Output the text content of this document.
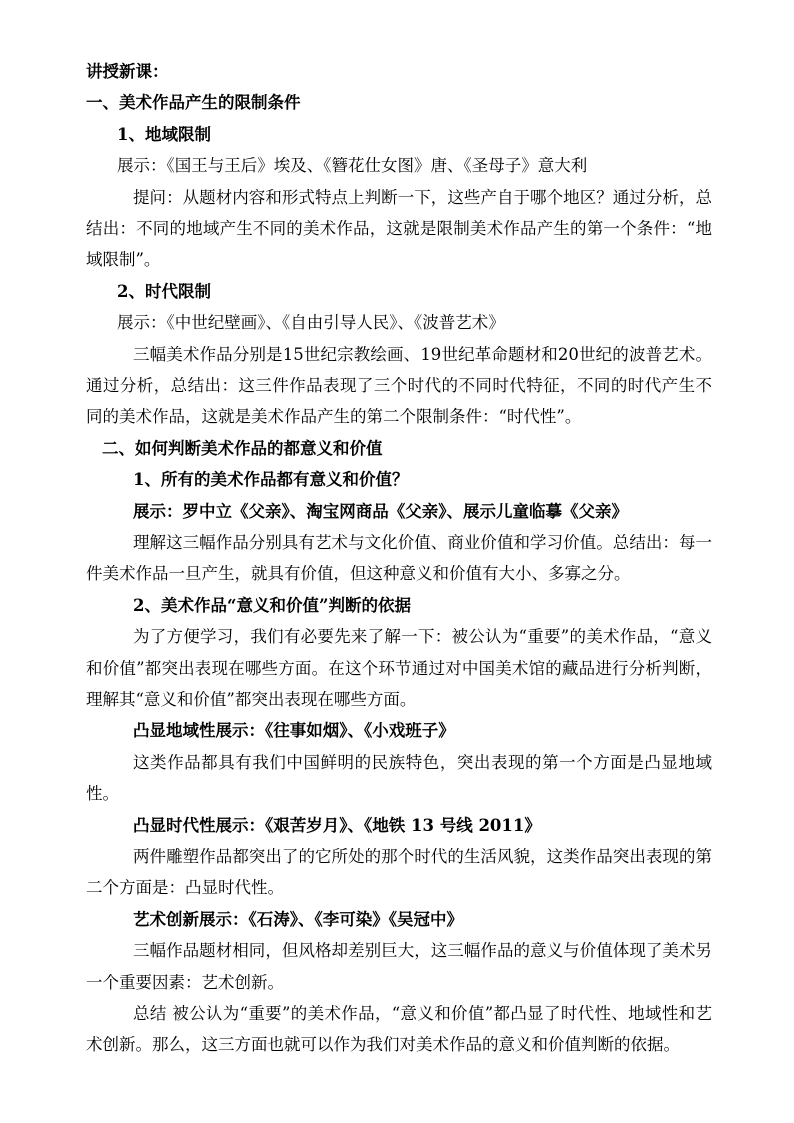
讲授新课：
一、美术作品产生的限制条件
1、地域限制
展示：《国王与王后》埃及、《簪花仕女图》唐、《圣母子》意大利
提问：从题材内容和形式特点上判断一下，这些产自于哪个地区？通过分析，总结出：不同的地域产生不同的美术作品，这就是限制美术作品产生的第一个条件：“地域限制”。
2、时代限制
展示：《中世纪壁画》、《自由引导人民》、《波普艺术》
三幅美术作品分别是15世纪宗教绘画、19世纪革命题材和20世纪的波普艺术。通过分析，总结出：这三件作品表现了三个时代的不同时代特征，不同的时代产生不同的美术作品，这就是美术作品产生的第二个限制条件：“时代性”。
二、如何判断美术作品的都意义和价值
1、所有的美术作品都有意义和价值？
展示：罗中立《父亲》、淘宝网商品《父亲》、展示儿童临摹《父亲》
理解这三幅作品分别具有艺术与文化价值、商业价值和学习价值。总结出：每一件美术作品一旦产生，就具有价值，但这种意义和价值有大小、多寡之分。
2、美术作品“意义和价值”判断的依据
为了方便学习，我们有必要先来了解一下：被公认为“重要”的美术作品，“意义和价值”都突出表现在哪些方面。在这个环节通过对中国美术馆的藏品进行分析判断，理解其“意义和价值”都突出表现在哪些方面。
凸显地域性展示：《往事如烟》、《小戏班子》
这类作品都具有我们中国鲜明的民族特色，突出表现的第一个方面是凸显地域性。
凸显时代性展示：《艰苦岁月》、《地铁 13 号线 2011》
两件雕塑作品都突出了的它所处的那个时代的生活风貌，这类作品突出表现的第二个方面是：凸显时代性。
艺术创新展示：《石涛》、《李可染》《吴冠中》
三幅作品题材相同，但风格却差别巨大，这三幅作品的意义与价值体现了美术另一个重要因素：艺术创新。
总结 被公认为“重要”的美术作品，“意义和价值”都凸显了时代性、地域性和艺术创新。那么，这三方面也就可以作为我们对美术作品的意义和价值判断的依据。
